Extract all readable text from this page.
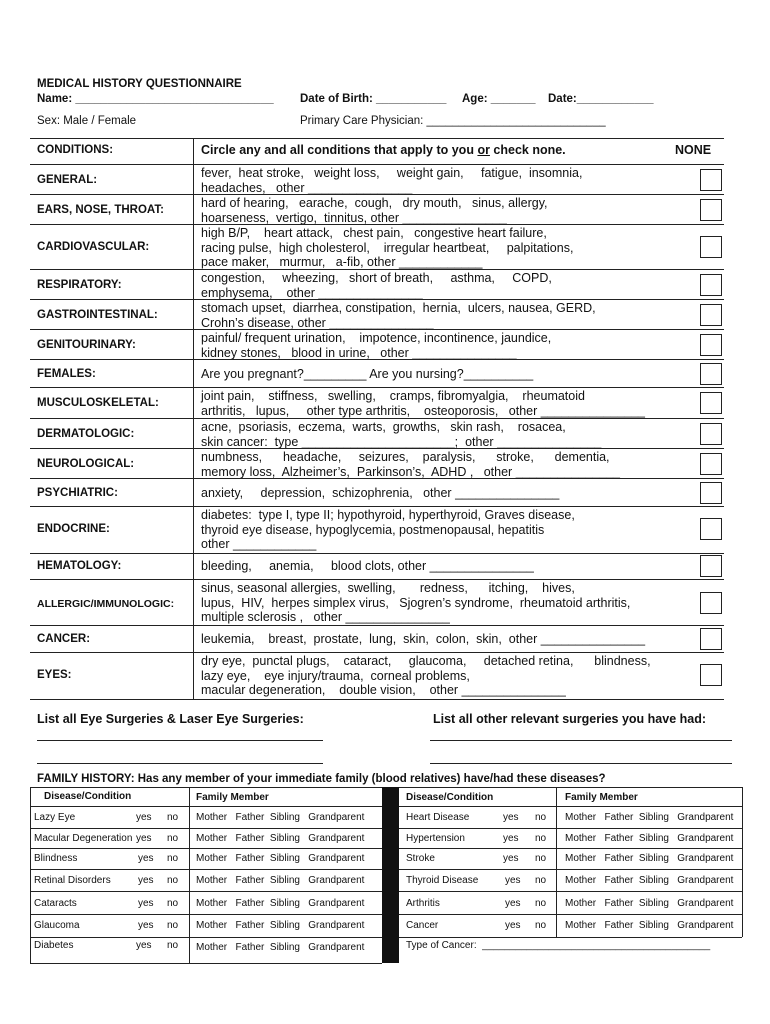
MEDICAL HISTORY QUESTIONNAIRE
Name: _______________________________ Date of Birth: ___________ Age: _______ Date:____________
Sex: Male / Female	Primary Care Physician: ____________________________
CONDITIONS:	Circle any and all conditions that apply to you or check none.	NONE
GENERAL:	fever,  heat stroke,   weight loss,     weight gain,     fatigue,  insomnia,
headaches,   other _______________
EARS, NOSE, THROAT:	hard of hearing,   earache,  cough,   dry mouth,   sinus, allergy,
hoarseness,  vertigo,  tinnitus, other _______________
CARDIOVASCULAR:
high B/P,    heart attack,   chest pain,   congestive heart failure,
racing pulse,  high cholesterol,    irregular heartbeat,     palpitations,
pace maker,   murmur,   a-fib, other ____________
RESPIRATORY:	congestion,     wheezing,   short of breath,     asthma,     COPD,
emphysema,    other _______________
GASTROINTESTINAL:	stomach upset,  diarrhea, constipation,  hernia,  ulcers, nausea, GERD,
Crohn’s disease, other _______________
GENITOURINARY:	painful/ frequent urination,    impotence, incontinence, jaundice,
kidney stones,   blood in urine,   other _______________
FEMALES:	Are you pregnant?_________ Are you nursing?__________
MUSCULOSKELETAL:	joint pain,    stiffness,   swelling,    cramps, fibromyalgia,    rheumatoid
arthritis,   lupus,     other type arthritis,    osteoporosis,   other _______________
DERMATOLOGIC:	acne,  psoriasis,  eczema,  warts,  growths,   skin rash,    rosacea,
skin cancer:  type ______________________;  other _______________
NEUROLOGICAL:	numbness,      headache,     seizures,    paralysis,      stroke,      dementia,
memory loss,  Alzheimer’s,  Parkinson’s,  ADHD ,   other _______________
PSYCHIATRIC:	anxiety,     depression,  schizophrenia,   other _______________
ENDOCRINE:
diabetes:  type I, type II; hypothyroid, hyperthyroid, Graves disease,
thyroid eye disease, hypoglycemia, postmenopausal, hepatitis
other ____________
HEMATOLOGY:	bleeding,     anemia,     blood clots, other _______________
ALLERGIC/IMMUNOLOGIC:
sinus, seasonal allergies,  swelling,       redness,      itching,    hives,
lupus,  HIV,  herpes simplex virus,   Sjogren’s syndrome,  rheumatoid arthritis,
multiple sclerosis ,   other _______________
CANCER:	leukemia,    breast,  prostate,  lung,  skin,  colon,  skin,  other _______________
EYES:
dry eye,  punctal plugs,    cataract,     glaucoma,     detached retina,      blindness,
lazy eye,    eye injury/trauma,  corneal problems,
macular degeneration,    double vision,    other _______________
List all Eye Surgeries & Laser Eye Surgeries:	List all other relevant surgeries you have had:
FAMILY HISTORY: Has any member of your immediate family (blood relatives) have/had these diseases?
Disease/Condition	Family Member	Disease/Condition	Family Member
Lazy Eye	yes no Mother   Father  Sibling   Grandparent
Macular Degeneration yes no Mother   Father  Sibling   Grandparent
Blindness	yes no Mother   Father  Sibling   Grandparent
Retinal Disorders	yes no Mother   Father  Sibling   Grandparent
Cataracts	yes no Mother   Father  Sibling   Grandparent
Glaucoma	yes no Mother   Father  Sibling   Grandparent
Diabetes	yes no Mother   Father  Sibling   Grandparent
Heart Disease	yes no Mother   Father  Sibling   Grandparent
Hypertension	yes no Mother   Father  Sibling   Grandparent
Stroke	yes no Mother   Father  Sibling   Grandparent
Thyroid Disease	yes no Mother   Father  Sibling   Grandparent
Arthritis	yes no Mother   Father  Sibling   Grandparent
Cancer	yes no Mother   Father  Sibling   Grandparent
Type of Cancer:  _________________________________________
